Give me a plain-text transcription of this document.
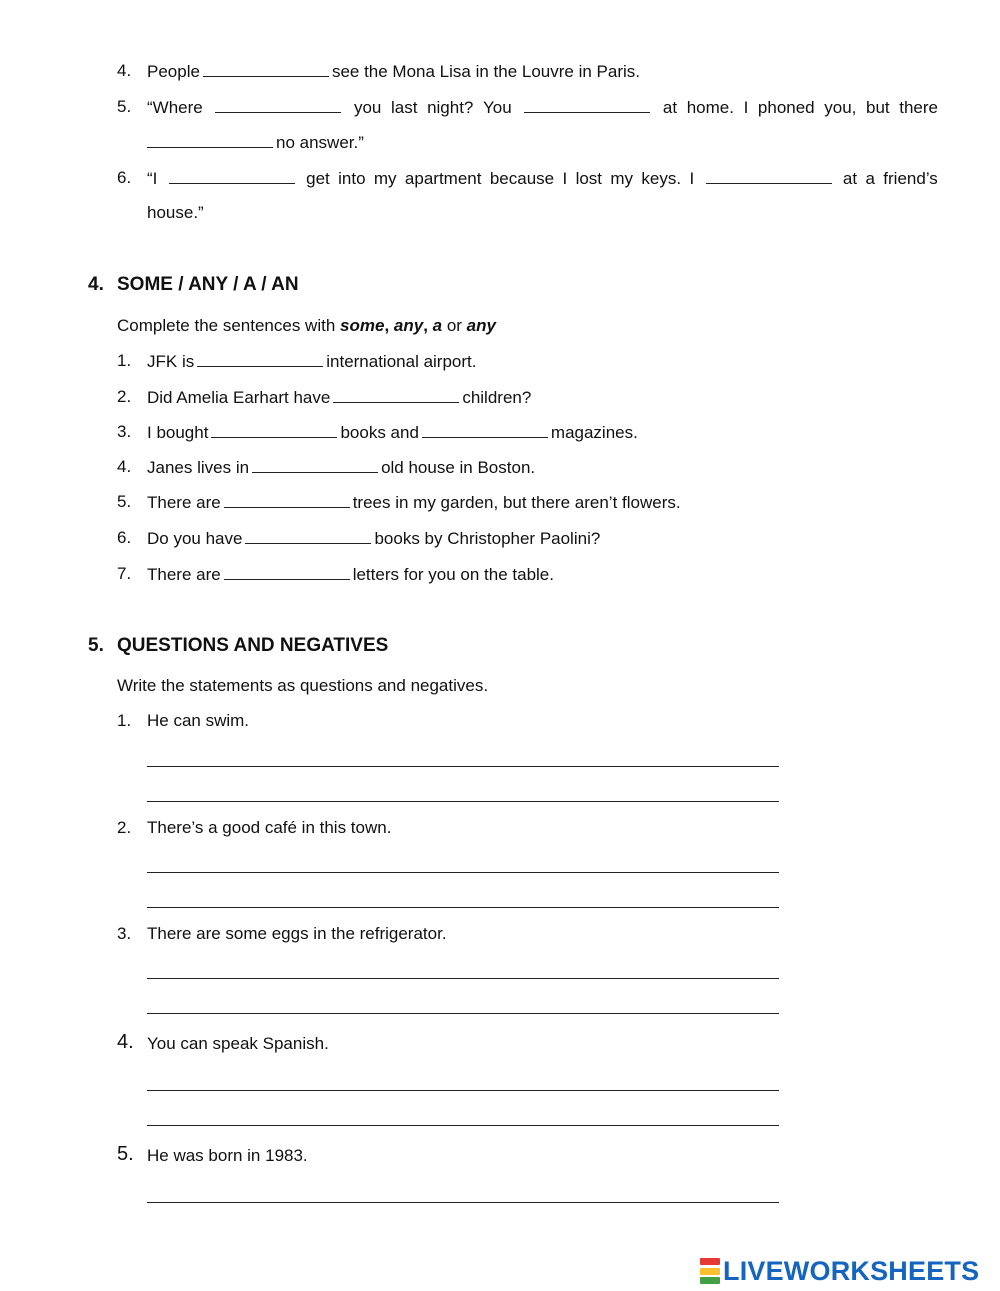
4. People	see the Mona Lisa in the Louvre in Paris.
5. “Where	you last night? You	at home. I phoned you, but there
no answer.”
6. “I	get into my apartment because I lost my keys. I	at a friend’s
house.”
4. SOME / ANY / A / AN
Complete the sentences with some, any, a or any
1. JFK is	international airport.
2. Did Amelia Earhart have	children?
3. I bought	books and	magazines.
4. Janes lives in	old house in Boston.
5. There are	trees in my garden, but there aren’t flowers.
6. Do you have	books by Christopher Paolini?
7. There are	letters for you on the table.
5. QUESTIONS AND NEGATIVES
Write the statements as questions and negatives.
1. He can swim.
2. There’s a good café in this town.
3. There are some eggs in the refrigerator.
4. You can speak Spanish.
5. He was born in 1983.
LIVEWORKSHEETS
